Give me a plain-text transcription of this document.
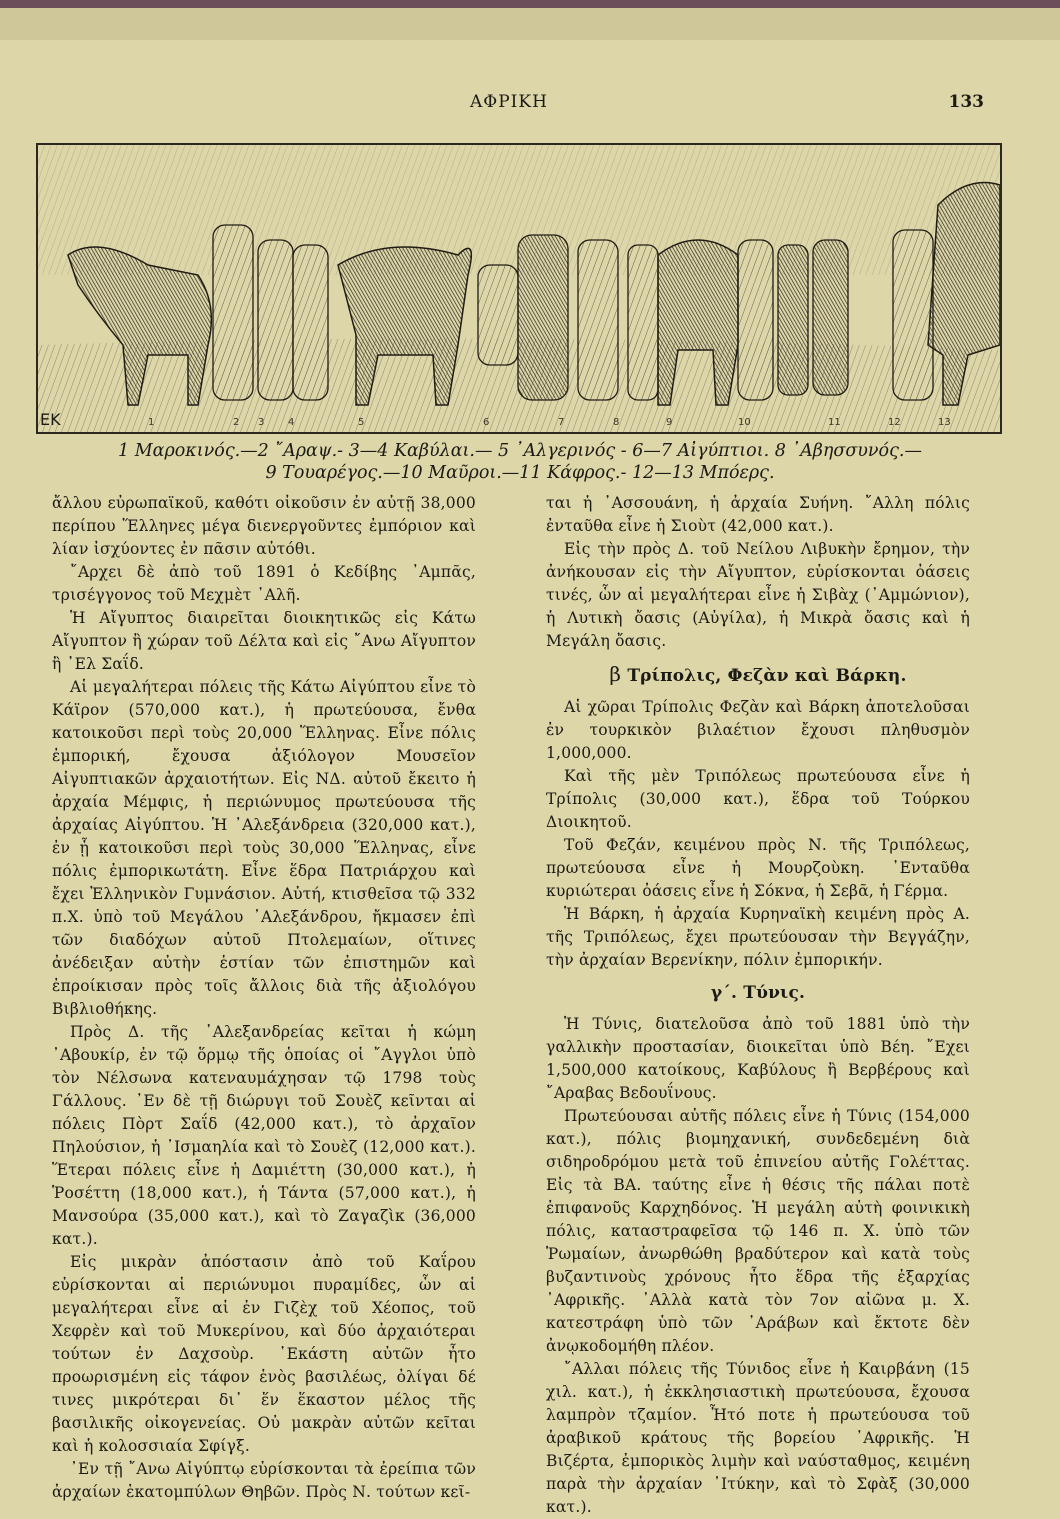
ΑΦΡΙΚΗ	133
1	2 3 4	5	6	7	8	9	10	11	12	13
EK
1 Μαροκινός.—2 ῎Αραψ.- 3—4 Καβύλαι.— 5 ᾿Αλγερινός - 6—7 Αἰγύπτιοι. 8 ᾿Αβησσυνός.—
9 Τουαρέγος.—10 Μαῦροι.—11 Κάφρος.- 12—13 Μπόερς.

ἄλλου εὐρωπαϊκοῦ, καθότι οἰκοῦσιν ἐν αὐτῇ 38,000 περίπου Ἕλληνες μέγα διενεργοῦντες ἐμπόριον καὶ λίαν ἰσχύοντες ἐν πᾶσιν αὐτόθι.

῎Αρχει δὲ ἀπὸ τοῦ 1891 ὁ Κεδίβης ᾿Αμπᾶς, τρισέγγονος τοῦ Μεχμὲτ ᾿Αλῆ.

Ἡ Αἴγυπτος διαιρεῖται διοικητικῶς εἰς Κάτω Αἴγυπτον ἢ χώραν τοῦ Δέλτα καὶ εἰς ῎Ανω Αἴγυπτον ἢ ᾿Ελ Σαΐδ.

Αἱ μεγαλήτεραι πόλεις τῆς Κάτω Αἰγύπτου εἶνε τὸ Κάϊρον (570,000 κατ.), ἡ πρωτεύουσα, ἔνθα κατοικοῦσι περὶ τοὺς 20,000 Ἕλληνας. Εἶνε πόλις ἐμπορική, ἔχουσα ἀξιόλογον Μουσεῖον Αἰγυπτιακῶν ἀρχαιοτήτων. Εἰς ΝΔ. αὐτοῦ ἔκειτο ἡ ἀρχαία Μέμφις, ἡ περιώνυμος πρωτεύουσα τῆς ἀρχαίας Αἰγύπτου. Ἡ ᾿Αλεξάνδρεια (320,000 κατ.), ἐν ᾗ κατοικοῦσι περὶ τοὺς 30,000 Ἕλληνας, εἶνε πόλις ἐμπορικωτάτη. Εἶνε ἕδρα Πατριάρχου καὶ ἔχει Ἑλληνικὸν Γυμνάσιον. Αὐτή, κτισθεῖσα τῷ 332 π.Χ. ὑπὸ τοῦ Μεγάλου ᾿Αλεξάνδρου, ἤκμασεν ἐπὶ τῶν διαδόχων αὐτοῦ Πτολεμαίων, οἵτινες ἀνέδειξαν αὐτὴν ἑστίαν τῶν ἐπιστημῶν καὶ ἐπροίκισαν πρὸς τοῖς ἄλλοις διὰ τῆς ἀξιολόγου Βιβλιοθήκης.

Πρὸς Δ. τῆς ᾿Αλεξανδρείας κεῖται ἡ κώμη ᾿Αβουκίρ, ἐν τῷ ὅρμῳ τῆς ὁποίας οἱ ῎Αγγλοι ὑπὸ τὸν Νέλσωνα κατεναυμάχησαν τῷ 1798 τοὺς Γάλλους. ᾿Εν δὲ τῇ διώρυγι τοῦ Σουὲζ κεῖνται αἱ πόλεις Πὸρτ Σαΐδ (42,000 κατ.), τὸ ἀρχαῖον Πηλούσιον, ἡ ᾿Ισμαηλία καὶ τὸ Σουὲζ (12,000 κατ.). Ἕτεραι πόλεις εἶνε ἡ Δαμιέττη (30,000 κατ.), ἡ Ῥοσέττη (18,000 κατ.), ἡ Τάντα (57,000 κατ.), ἡ Μανσούρα (35,000 κατ.), καὶ τὸ Ζαγαζὶκ (36,000 κατ.).

Εἰς μικρὰν ἀπόστασιν ἀπὸ τοῦ Καΐρου εὑρίσκονται αἱ περιώνυμοι πυραμίδες, ὧν αἱ μεγαλήτεραι εἶνε αἱ ἐν Γιζὲχ τοῦ Χέοπος, τοῦ Χεφρὲν καὶ τοῦ Μυκερίνου, καὶ δύο ἀρχαιότεραι τούτων ἐν Δαχσοὺρ. ῾Εκάστη αὐτῶν ἦτο προωρισμένη εἰς τάφον ἑνὸς βασιλέως, ὀλίγαι δέ τινες μικρότεραι δι᾽ ἕν ἕκαστον μέλος τῆς βασιλικῆς οἰκογενείας. Οὐ μακρὰν αὐτῶν κεῖται καὶ ἡ κολοσσιαία Σφίγξ.

᾿Εν τῇ ῎Ανω Αἰγύπτῳ εὑρίσκονται τὰ ἐρείπια τῶν ἀρχαίων ἑκατομπύλων Θηβῶν. Πρὸς Ν. τούτων κεῖ-

ται ἡ ᾿Ασσουάνη, ἡ ἀρχαία Συήνη. ῎Αλλη πόλις ἐνταῦθα εἶνε ἡ Σιοὺτ (42,000 κατ.).

Εἰς τὴν πρὸς Δ. τοῦ Νείλου Λιβυκὴν ἔρημον, τὴν ἀνήκουσαν εἰς τὴν Αἴγυπτον, εὑρίσκονται ὀάσεις τινές, ὧν αἱ μεγαλήτεραι εἶνε ἡ Σιβὰχ (᾿Αμμώνιον), ἡ Λυτικὴ ὄασις (Αὐγίλα), ἡ Μικρὰ ὄασις καὶ ἡ Μεγάλη ὄασις.

β Τρίπολις, Φεζὰν καὶ Βάρκη.

Αἱ χῶραι Τρίπολις Φεζὰν καὶ Βάρκη ἀποτελοῦσαι ἐν τουρκικὸν βιλαέτιον ἔχουσι πληθυσμὸν 1,000,000.

Καὶ τῆς μὲν Τριπόλεως πρωτεύουσα εἶνε ἡ Τρίπολις (30,000 κατ.), ἕδρα τοῦ Τούρκου Διοικητοῦ.

Τοῦ Φεζάν, κειμένου πρὸς Ν. τῆς Τριπόλεως, πρωτεύουσα εἶνε ἡ Μουρζοὺκη. ᾿Ενταῦθα κυριώτεραι ὀάσεις εἶνε ἡ Σόκνα, ἡ Σεβᾶ, ἡ Γέρμα.

Ἡ Βάρκη, ἡ ἀρχαία Κυρηναϊκὴ κειμένη πρὸς Α. τῆς Τριπόλεως, ἔχει πρωτεύουσαν τὴν Βεγγάζην, τὴν ἀρχαίαν Βερενίκην, πόλιν ἐμπορικήν.

γ΄. Τύνις.

Ἡ Τύνις, διατελοῦσα ἀπὸ τοῦ 1881 ὑπὸ τὴν γαλλικὴν προστασίαν, διοικεῖται ὑπὸ Βέη. ῎Εχει 1,500,000 κατοίκους, Καβύλους ἢ Βερβέρους καὶ ῎Αραβας Βεδουΐνους.

Πρωτεύουσαι αὐτῆς πόλεις εἶνε ἡ Τύνις (154,000 κατ.), πόλις βιομηχανική, συνδεδεμένη διὰ σιδηροδρόμου μετὰ τοῦ ἐπινείου αὐτῆς Γολέττας. Εἰς τὰ ΒΑ. ταύτης εἶνε ἡ θέσις τῆς πάλαι ποτὲ ἐπιφανοῦς Καρχηδόνος. Ἡ μεγάλη αὐτὴ φοινικικὴ πόλις, καταστραφεῖσα τῷ 146 π. Χ. ὑπὸ τῶν Ῥωμαίων, ἀνωρθώθη βραδύτερον καὶ κατὰ τοὺς βυζαντινοὺς χρόνους ἦτο ἕδρα τῆς ἐξαρχίας ᾿Αφρικῆς. ᾿Αλλὰ κατὰ τὸν 7ον αἰῶνα μ. Χ. κατεστράφη ὑπὸ τῶν ᾿Αράβων καὶ ἔκτοτε δὲν ἀνῳκοδομήθη πλέον.

῎Αλλαι πόλεις τῆς Τύνιδος εἶνε ἡ Καιρβάνη (15 χιλ. κατ.), ἡ ἐκκλησιαστικὴ πρωτεύουσα, ἔχουσα λαμπρὸν τζαμίον. Ἦτό ποτε ἡ πρωτεύουσα τοῦ ἀραβικοῦ κράτους τῆς βορείου ᾿Αφρικῆς. Ἡ Βιζέρτα, ἐμπορικὸς λιμὴν καὶ ναύσταθμος, κειμένη παρὰ τὴν ἀρχαίαν ᾿Ιτύκην, καὶ τὸ Σφὰξ (30,000 κατ.).
